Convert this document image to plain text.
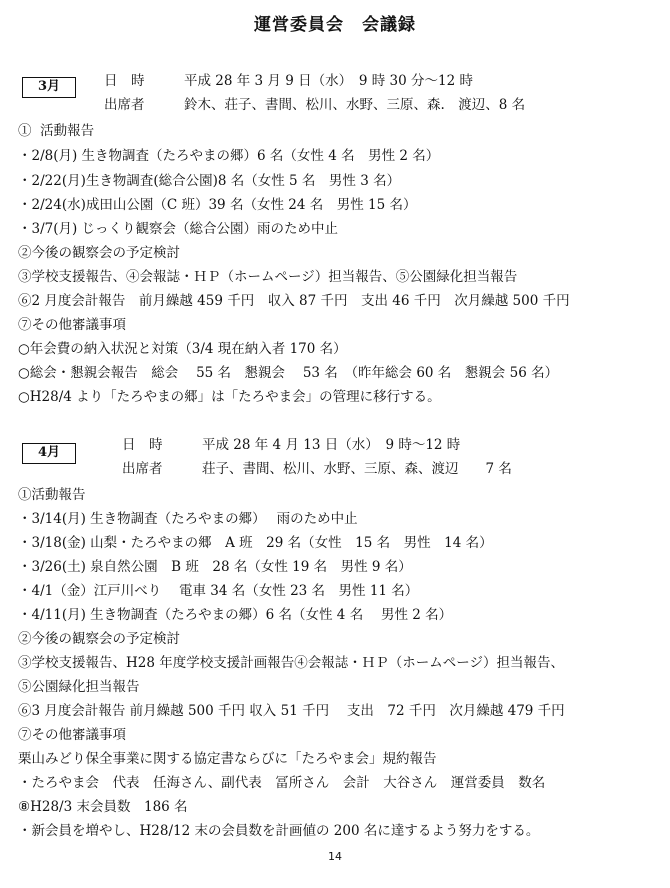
運営委員会　会議録
3月	日　時	平成 28 年 3 月 9 日（水）　9 時 30 分〜12 時
出席者	鈴木、荘子、書間、松川、水野、三原、森.　渡辺、8 名
①  活動報告
・2/8(月) 生き物調査（たろやまの郷）6 名（女性 4 名　男性 2 名）
・2/22(月)生き物調査(総合公園)8 名（女性 5 名　男性 3 名）
・2/24(水)成田山公園（C 班）39 名（女性 24 名　男性 15 名）
・3/7(月) じっくり観察会（総合公園）雨のため中止
②今後の観察会の予定検討
③学校支援報告、④会報誌・ＨＰ（ホームページ）担当報告、⑤公園緑化担当報告
⑥2 月度会計報告　前月繰越 459 千円　収入 87 千円　支出 46 千円　次月繰越 500 千円
⑦その他審議事項
○年会費の納入状況と対策（3/4 現在納入者 170 名）
○総会・懇親会報告　総会　 55 名　懇親会　 53 名　（昨年総会 60 名　懇親会 56 名）
○H28/4 より「たろやまの郷」は「たろやま会」の管理に移行する。
4月	日　時	平成 28 年 4 月 13 日（水）　9 時〜12 時
出席者	荘子、書間、松川、水野、三原、森、渡辺　　7 名
①活動報告
・3/14(月) 生き物調査（たろやまの郷）　 雨のため中止
・3/18(金) 山梨・たろやまの郷　A 班　29 名（女性　15 名　男性　14 名）
・3/26(土) 泉自然公園　B 班　28 名（女性 19 名　男性 9 名）
・4/1（金）江戸川べり　 電車 34 名（女性 23 名　男性 11 名）
・4/11(月) 生き物調査（たろやまの郷）6 名（女性 4 名　 男性 2 名）
②今後の観察会の予定検討
③学校支援報告、H28 年度学校支援計画報告④会報誌・ＨＰ（ホームページ）担当報告、
⑤公園緑化担当報告
⑥3 月度会計報告 前月繰越 500 千円 収入 51 千円　 支出　72 千円　次月繰越 479 千円
⑦その他審議事項
栗山みどり保全事業に関する協定書ならびに「たろやま会」規約報告
・たろやま会　代表　任海さん、副代表　冨所さん　会計　大谷さん　運営委員　数名
⑧H28/3 末会員数　186 名
・新会員を増やし、H28/12 末の会員数を計画値の 200 名に達するよう努力をする。
14
